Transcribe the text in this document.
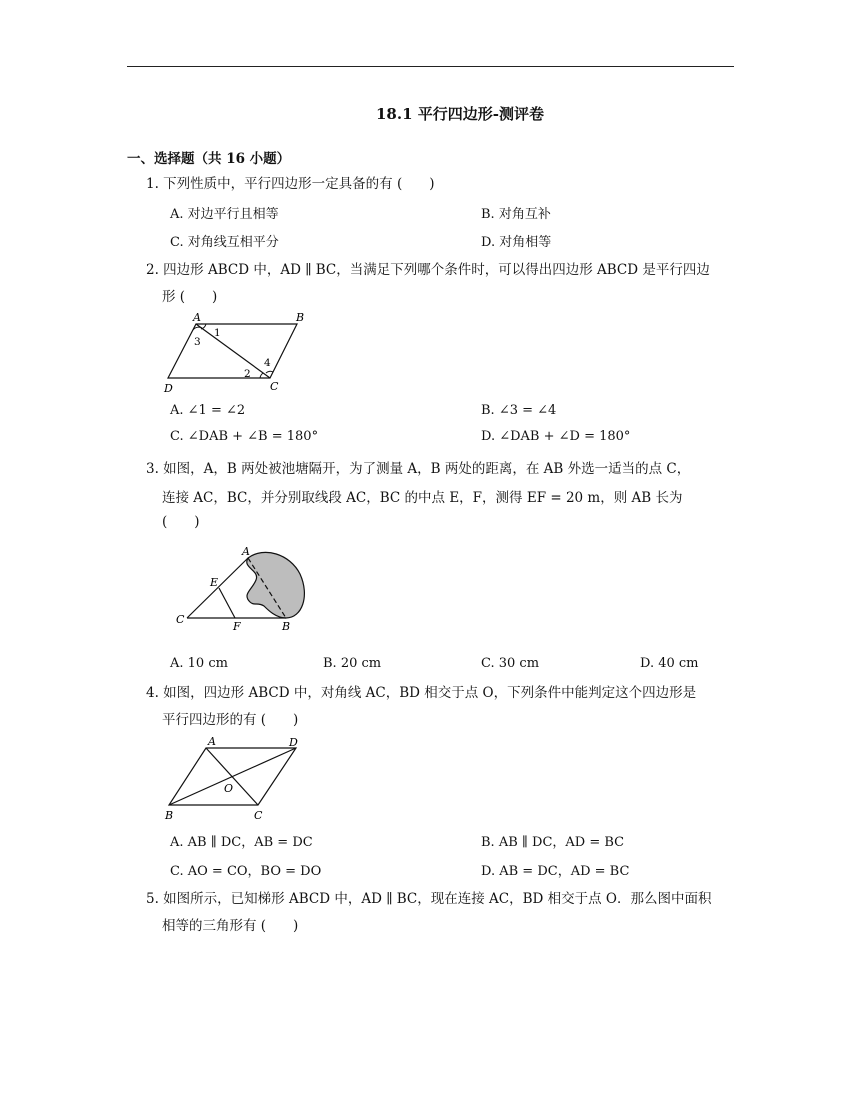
18.1 平行四边形-测评卷
一、选择题（共 16 小题）
1. 下列性质中，平行四边形一定具备的有 (　　)
A. 对边平行且相等	B. 对角互补
C. 对角线互相平分	D. 对角相等
2. 四边形 ABCD 中，AD ∥ BC，当满足下列哪个条件时，可以得出四边形 ABCD 是平行四边
形 (　　)
A	B
C
D
1
3
2
4
A. ∠1 = ∠2	B. ∠3 = ∠4
C. ∠DAB + ∠B = 180°	D. ∠DAB + ∠D = 180°
3. 如图，A，B 两处被池塘隔开，为了测量 A，B 两处的距离，在 AB 外选一适当的点 C，
连接 AC，BC，并分别取线段 AC，BC 的中点 E，F，测得 EF = 20 m，则 AB 长为
(　　)
A
B
C
E
F
A. 10 cm	B. 20 cm	C. 30 cm	D. 40 cm
4. 如图，四边形 ABCD 中，对角线 AC，BD 相交于点 O，下列条件中能判定这个四边形是
平行四边形的有 (　　)
A	D
B	C
O
A. AB ∥ DC，AB = DC	B. AB ∥ DC，AD = BC
C. AO = CO，BO = DO	D. AB = DC，AD = BC
5. 如图所示，已知梯形 ABCD 中，AD ∥ BC，现在连接 AC，BD 相交于点 O．那么图中面积
相等的三角形有 (　　)
